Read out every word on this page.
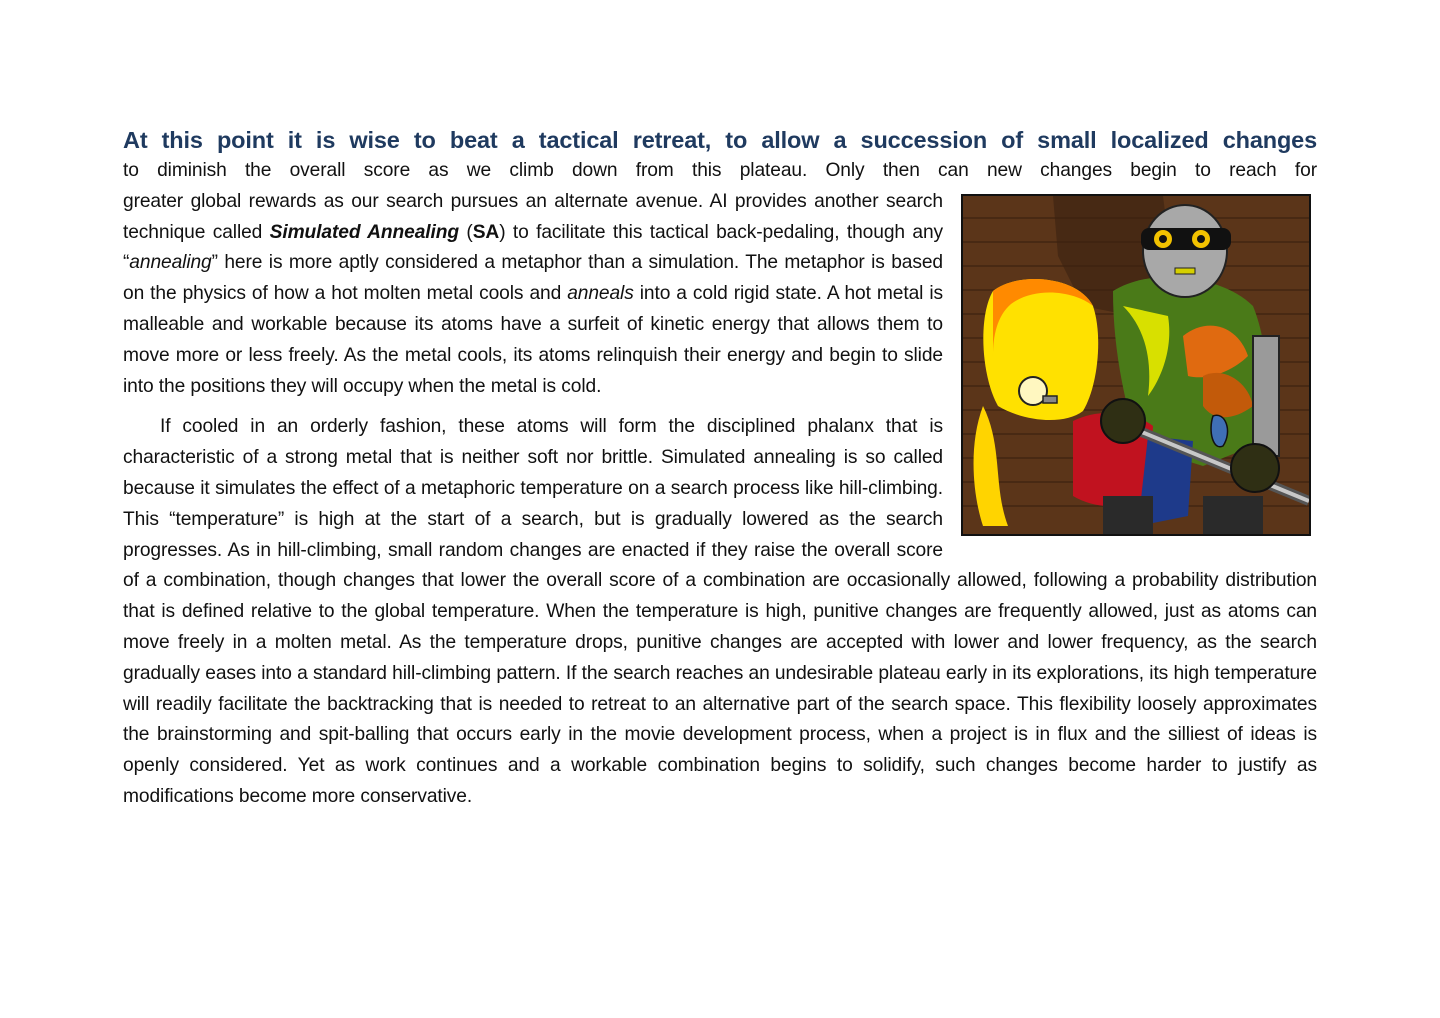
At this point it is wise to beat a tactical retreat, to allow a succession of small localized changes

to diminish the overall score as we climb down from this plateau. Only then can new changes begin to reach for

greater global rewards as our search pursues an alternate avenue. AI provides another search technique called Simulated Annealing (SA) to facilitate this tactical back-pedaling, though any “annealing” here is more aptly considered a metaphor than a simulation. The metaphor is based on the physics of how a hot molten metal cools and anneals into a cold rigid state. A hot metal is malleable and workable because its atoms have a surfeit of kinetic energy that allows them to move more or less freely. As the metal cools, its atoms relinquish their energy and begin to slide into the positions they will occupy when the metal is cold.

If cooled in an orderly fashion, these atoms will form the disciplined phalanx that is characteristic of a strong metal that is neither soft nor brittle. Simulated annealing is so called because it simulates the effect of a metaphoric temperature on a search process like hill-climbing. This “temperature” is high at the start of a search, but is gradually lowered as the search progresses. As in hill-climbing, small random changes are enacted if they raise the overall score of a combination, though changes that lower the overall score of a combination are occasionally allowed, following a probability distribution that is defined relative to the global temperature. When the temperature is high, punitive changes are frequently allowed, just as atoms can move freely in a molten metal. As the temperature drops, punitive changes are accepted with lower and lower frequency, as the search gradually eases into a standard hill-climbing pattern. If the search reaches an undesirable plateau early in its explorations, its high temperature will readily facilitate the backtracking that is needed to retreat to an alternative part of the search space. This flexibility loosely approximates the brainstorming and spit-balling that occurs early in the movie development process, when a project is in flux and the silliest of ideas is openly considered. Yet as work continues and a workable combination begins to solidify, such changes become harder to justify as modifications become more conservative.
